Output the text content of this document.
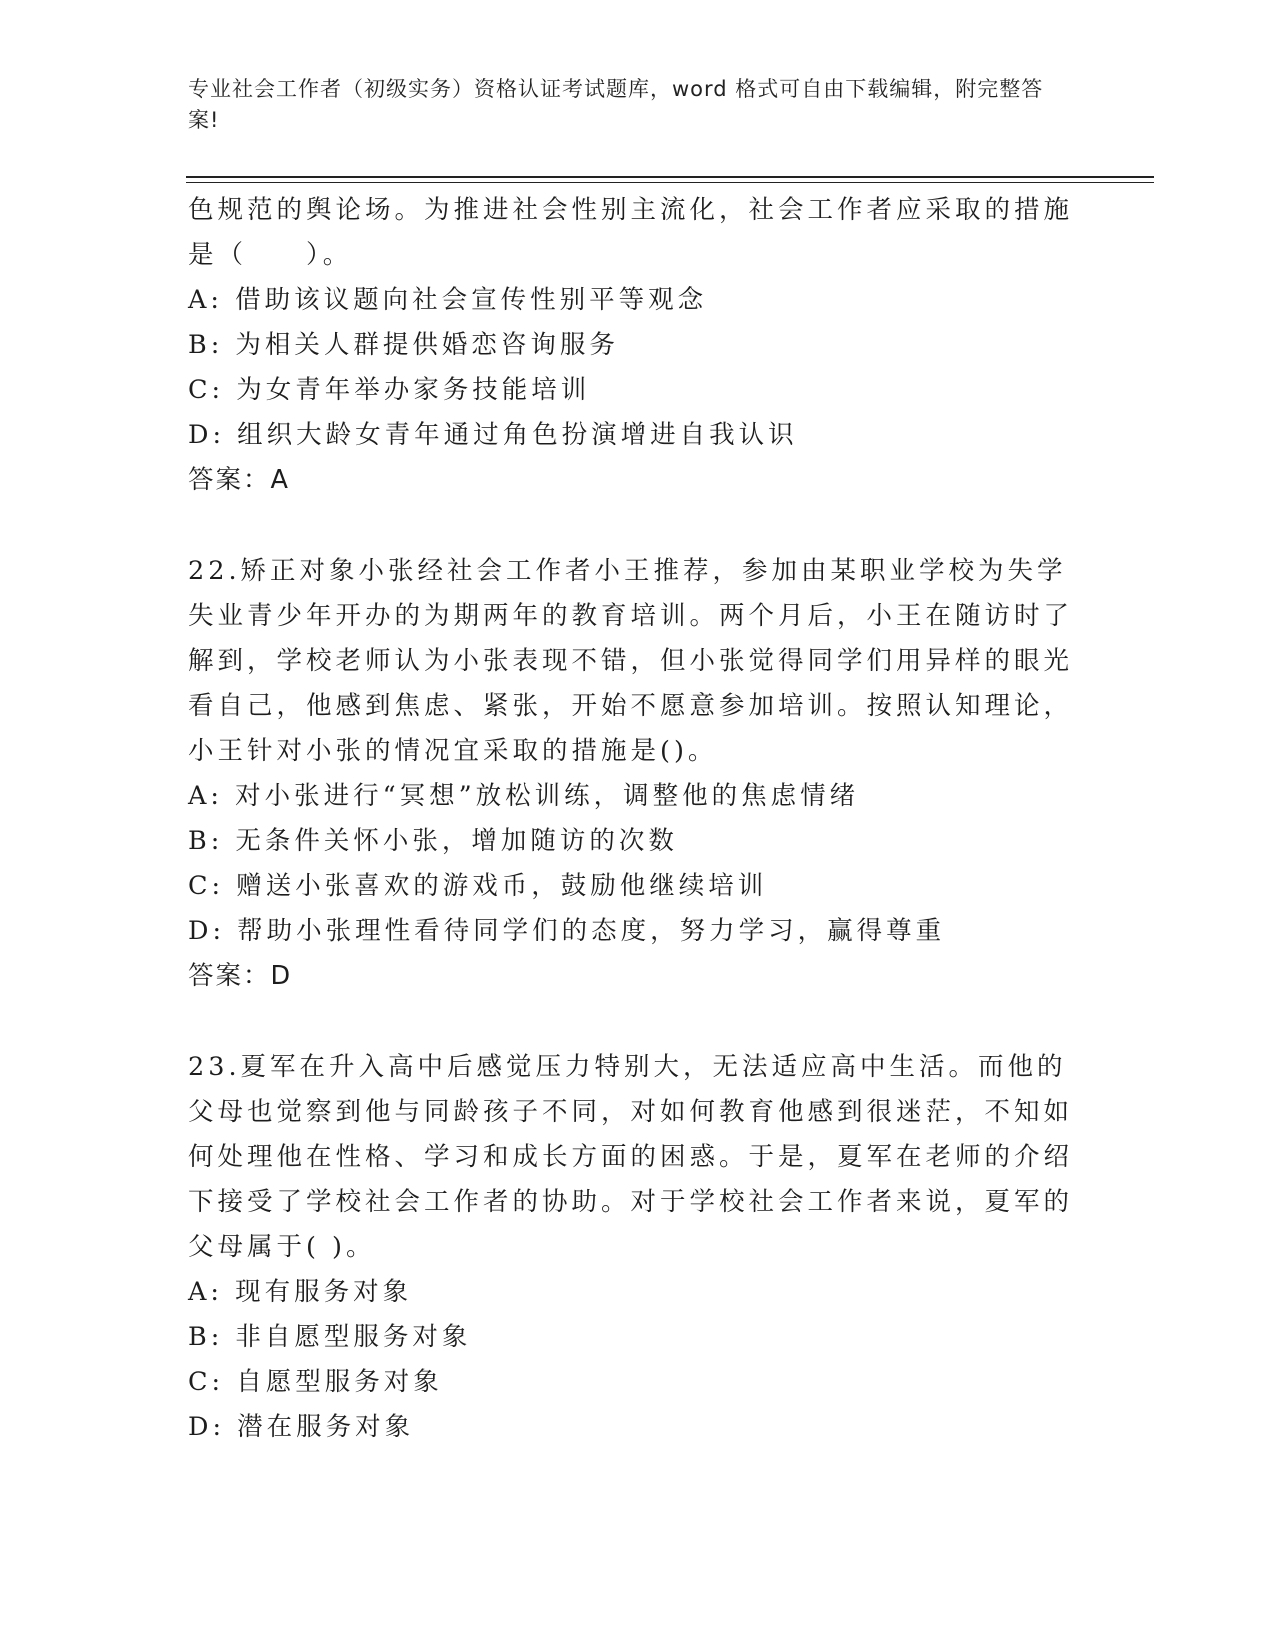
专业社会工作者（初级实务）资格认证考试题库，word 格式可自由下载编辑，附完整答案!

色规范的舆论场。为推进社会性别主流化，社会工作者应采取的措施是（　　）。

A: 借助该议题向社会宣传性别平等观念

B: 为相关人群提供婚恋咨询服务

C: 为女青年举办家务技能培训

D: 组织大龄女青年通过角色扮演增进自我认识

答案：A

22.矫正对象小张经社会工作者小王推荐，参加由某职业学校为失学失业青少年开办的为期两年的教育培训。两个月后，小王在随访时了解到，学校老师认为小张表现不错，但小张觉得同学们用异样的眼光看自己，他感到焦虑、紧张，开始不愿意参加培训。按照认知理论，小王针对小张的情况宜采取的措施是()。

A: 对小张进行“冥想”放松训练，调整他的焦虑情绪

B: 无条件关怀小张，增加随访的次数

C: 赠送小张喜欢的游戏币，鼓励他继续培训

D: 帮助小张理性看待同学们的态度，努力学习，赢得尊重

答案：D

23.夏军在升入高中后感觉压力特别大，无法适应高中生活。而他的父母也觉察到他与同龄孩子不同，对如何教育他感到很迷茫，不知如何处理他在性格、学习和成长方面的困惑。于是，夏军在老师的介绍下接受了学校社会工作者的协助。对于学校社会工作者来说，夏军的父母属于( )。

A: 现有服务对象

B: 非自愿型服务对象

C: 自愿型服务对象

D: 潜在服务对象
